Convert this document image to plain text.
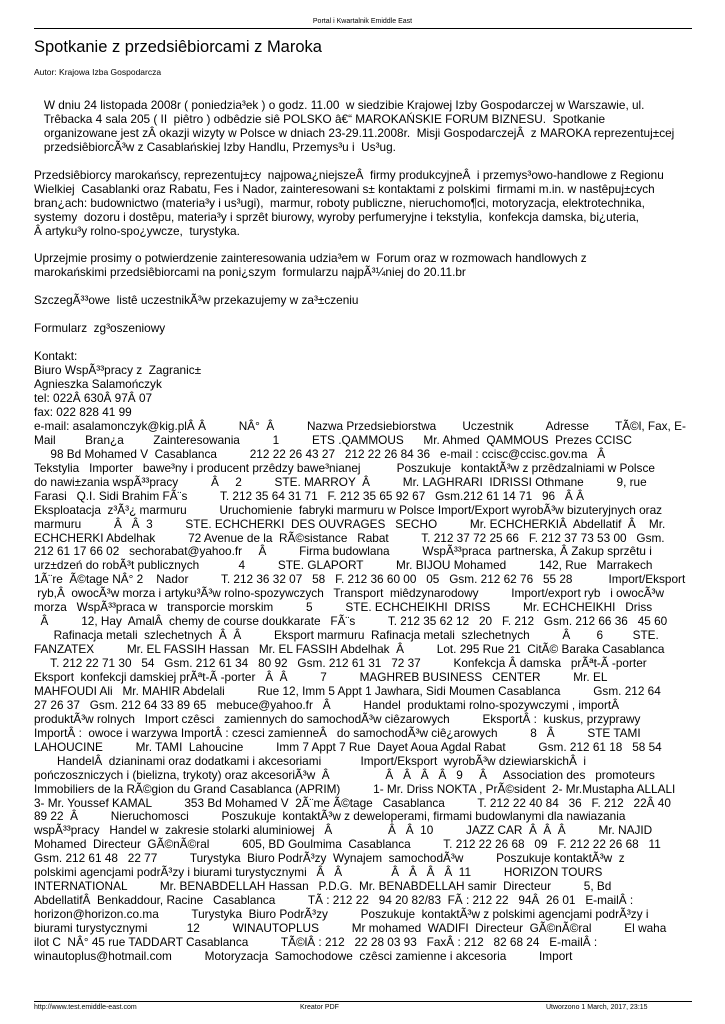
Portal i Kwartalnik Emiddle East
Spotkanie z przedsiêbiorcami z Maroka
Autor: Krajowa Izba Gospodarcza
W dniu 24 listopada 2008r ( poniedzia³ek ) o godz. 11.00  w siedzibie Krajowej Izby Gospodarczej w Warszawie, ul.
Trêbacka 4 sala 205 ( II  piêtro ) odbêdzie siê POLSKO â€“ MAROKAŃSKIE FORUM BIZNESU.  Spotkanie
organizowane jest zÂ okazji wizyty w Polsce w dniach 23-29.11.2008r.  Misji GospodarczejÂ  z MAROKA reprezentuj±cej
przedsiêbiorcÃ³w z Casablańskiej Izby Handlu, Przemys³u i  Us³ug.
Przedsiêbiorcy marokańscy, reprezentuj±cy  najpowa¿niejszeÂ  firmy produkcyjneÂ  i przemys³owo-handlowe z Regionu
Wielkiej  Casablanki oraz Rabatu, Fes i Nador, zainteresowani s± kontaktami z polskimi  firmami m.in. w nastêpuj±cych
bran¿ach: budownictwo (materia³y i us³ugi),  marmur, roboty publiczne, nieruchomo¶ci, motoryzacja, elektrotechnika,
systemy  dozoru i dostêpu, materia³y i sprzêt biurowy, wyroby perfumeryjne i tekstylia,  konfekcja damska, bi¿uteria,
Â artyku³y rolno-spo¿ywcze,  turystyka.
Uprzejmie prosimy o potwierdzenie zainteresowania udzia³em w  Forum oraz w rozmowach handlowych z
marokańskimi przedsiêbiorcami na poni¿szym  formularzu najpÃ³¼niej do 20.11.br
SzczegÃ³³owe  listê uczestnikÃ³w przekazujemy w za³±czeniu
Formularz  zg³oszeniowy
Kontakt:
Biuro WspÃ³³pracy z  Zagranic±
Agnieszka Salamończyk
tel: 022Â 630Â 97Â 07
fax: 022 828 41 99
e-mail: asalamonczyk@kig.plÂ Â          NÂ°  Â          Nazwa Przedsiebiorstwa        Uczestnik          Adresse        TÃ©l, Fax, E-
Mail         Bran¿a         Zainteresowania          1          ETS .QAMMOUS      Mr. Ahmed  QAMMOUS  Prezes CCISC
98 Bd Mohamed V  Casablanca          212 22 26 43 27   212 22 26 84 36   e-mail : ccisc@ccisc.gov.ma   Â
Tekstylia   Importer   bawe³ny i producent przêdzy bawe³nianej           Poszukuje   kontaktÃ³w z przêdzalniami w Polsce
do nawi±zania wspÃ³³pracy          Â     2          STE. MARROY  Â          Mr. LAGHRARI  IDRISSI Othmane          9, rue
Farasi   Q.I. Sidi Brahim FÃ¨s          T. 212 35 64 31 71   F. 212 35 65 92 67   Gsm.212 61 14 71   96   Â Â
Eksploatacja  z³Ã³¿ marmuru          Uruchomienie  fabryki marmuru w Polsce Import/Export wyrobÃ³w bizuteryjnych oraz
marmuru          Â   Â  3          STE. ECHCHERKI  DES OUVRAGES   SECHO          Mr. ECHCHERKIÂ  Abdellatif  Â    Mr.
ECHCHERKI Abdelhak          72 Avenue de la  RÃ©sistance   Rabat          T. 212 37 72 25 66   F. 212 37 73 53 00   Gsm.
212 61 17 66 02   sechorabat@yahoo.fr     Â          Firma budowlana          WspÃ³³praca  partnerska, Â Zakup sprzêtu i
urz±dzeń do robÃ³t publicznych            4          STE. GLAPORT          Mr. BIJOU Mohamed          142, Rue   Marrakech
1Ã¨re  Ã©tage NÂ° 2    Nador          T. 212 36 32 07   58   F. 212 36 60 00   05   Gsm. 212 62 76   55 28           Import/Eksport
ryb,Â  owocÃ³w morza i artyku³Ã³w rolno-spozywczych   Transport  miêdzynarodowy          Import/export ryb   i owocÃ³w
morza   WspÃ³³praca w   transporcie morskim          5          STE. ECHCHEIKHI  DRISS          Mr. ECHCHEIKHI   Driss
Â          12, Hay  AmalÂ  chemy de course doukkarate   FÃ¨s          T. 212 35 62 12   20   F. 212   Gsm. 212 66 36   45 60
Rafinacja metali  szlechetnych  Â  Â          Eksport marmuru  Rafinacja metali  szlechetnych          Â        6         STE.
FANZATEX          Mr. EL FASSIH Hassan   Mr. EL FASSIH Abdelhak  Â          Lot. 295 Rue 21  CitÃ© Baraka Casablanca
T. 212 22 71 30   54   Gsm. 212 61 34   80 92   Gsm. 212 61 31   72 37          Konfekcja Â damska   prÃªt-Ã -porter
Eksport  konfekcji damskiej prÃªt-Ã -porter   Â  Â          7          MAGHREB BUSINESS   CENTER          Mr. EL
MAHFOUDI Ali   Mr. MAHIR Abdelali          Rue 12, Imm 5 Appt 1 Jawhara, Sidi Moumen Casablanca          Gsm. 212 64
27 26 37   Gsm. 212 64 33 89 65   mebuce@yahoo.fr   Â          Handel  produktami rolno-spozywczymi , importÂ
produktÃ³w rolnych   Import czêsci   zamiennych do samochodÃ³w ciêzarowych          EksportÂ :  kuskus, przyprawy
ImportÂ :  owoce i warzywa ImportÂ : czesci zamienneÂ   do samochodÃ³w ciê¿arowych          8   Â          STE TAMI
LAHOUCINE          Mr. TAMI  Lahoucine          Imm 7 Appt 7 Rue  Dayet Aoua Agdal Rabat          Gsm. 212 61 18   58 54
HandelÂ  dzianinami oraz dodatkami i akcesoriami            Import/Eksport  wyrobÃ³w dziewiarskichÂ  i
pończoszniczych i (bielizna, trykoty) oraz akcesoriÃ³w  Â                 Â   Â   Â   Â   9     Â     Association des   promoteurs
Immobiliers de la RÃ©gion du Grand Casablanca (APRIM)          1- Mr. Driss NOKTA , PrÃ©sident  2- Mr.Mustapha ALLALI
3- Mr. Youssef KAMAL          353 Bd Mohamed V  2Ã¨me Ã©tage   Casablanca          T. 212 22 40 84   36   F. 212   22Â 40
89 22  Â          Nieruchomosci          Poszukuje  kontaktÃ³w z deweloperami, firmami budowlanymi dla nawiazania
wspÃ³³pracy   Handel w  zakresie stolarki aluminiowej   Â                 Â   Â  10          JAZZ CAR  Â  Â  Â          Mr. NAJID
Mohamed  Directeur  GÃ©nÃ©ral          605, BD Goulmima  Casablanca          T. 212 22 26 68   09   F. 212 22 26 68   11
Gsm. 212 61 48   22 77          Turystyka  Biuro PodrÃ³zy  Wynajem  samochodÃ³w          Poszukuje kontaktÃ³w  z
polskimi agencjami podrÃ³zy i biurami turystycznymi   Â   Â               Â   Â   Â   Â  11          HORIZON TOURS
INTERNATIONAL          Mr. BENABDELLAH Hassan   P.D.G.  Mr. BENABDELLAH samir  Directeur          5, Bd
AbdellatifÂ  Benkaddour, Racine   Casablanca          TÃ : 212 22   94 20 82/83  FÃ : 212 22   94Â  26 01   E-mailÂ :
horizon@horizon.co.ma          Turystyka  Biuro PodrÃ³zy          Poszukuje  kontaktÃ³w z polskimi agencjami podrÃ³zy i
biurami turystycznymi            12          WINAUTOPLUS          Mr mohamed  WADIFI  Directeur  GÃ©nÃ©ral          El waha
ilot C  NÂ° 45 rue TADDART Casablanca          TÃ©lÂ : 212   22 28 03 93   FaxÂ : 212   82 68 24   E-mailÂ :
winautoplus@hotmail.com          Motoryzacja  Samochodowe  czêsci zamienne i akcesoria          Import
http://www.test.emiddle-east.com	Kreator PDF	Utworzono 1 March, 2017, 23:15
